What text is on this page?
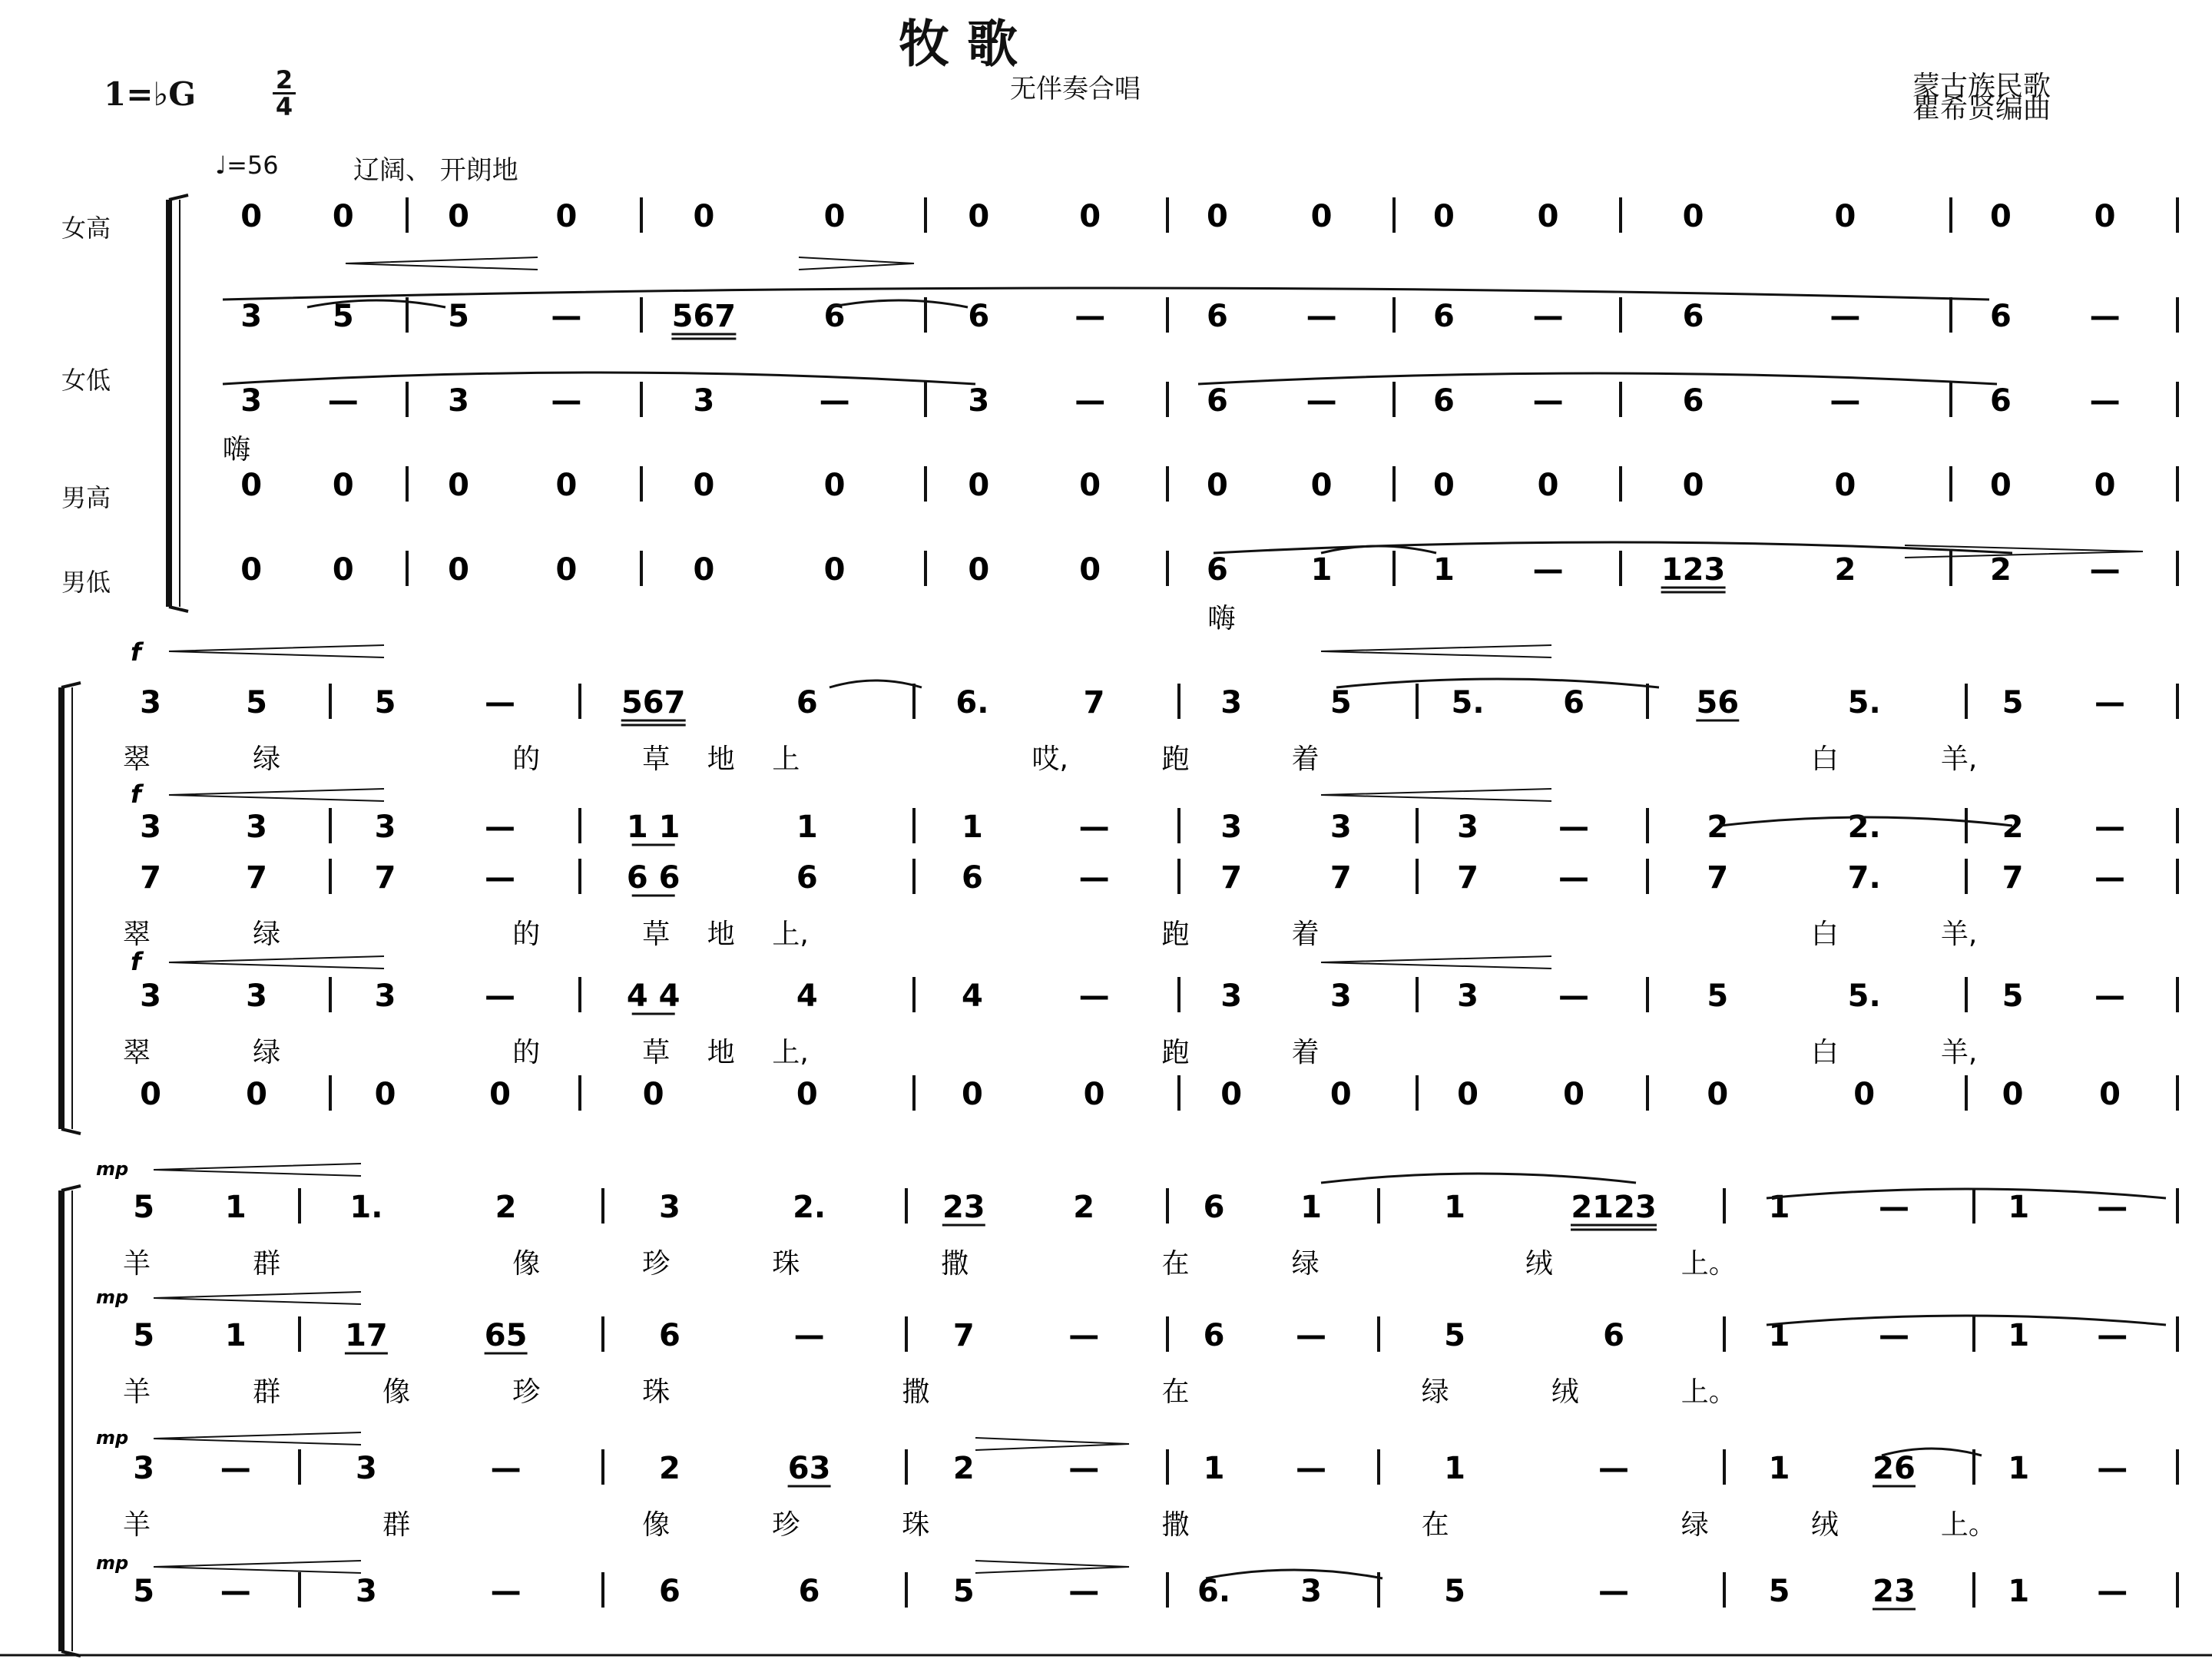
牧 歌
无伴奏合唱
1=♭G	2
4
蒙古族民歌
瞿希贤编曲
♩=56	辽阔、 开朗地
女高
女低
男高
男低
0 0	0	0	0	0	0	0	0	0	0	0	0	0	0	0
3 5	5	—	567	6	6	—	6	—	6	—	6	—	6	—
3 —	3	—	3	—	3	—	6	—	6	—	6	—	6	—
嗨
0 0	0	0	0	0	0	0	0	0	0	0	0	0	0	0
0 0	0	0	0	0	0	0	6	1	1	—	123	2	2	—
嗨
3	5	5	—	567	6	6.	7	3	5	5.	6	56	5.	5 —
翠	绿	的	草 地 上	哎,	跑	着	白	羊,
3	3	3	—	1 1	1	1	—	3	3	3	—	2	2.	2 —
7	7	7	—	6 6	6	6	—	7	7	7	—	7	7.	7 —
翠	绿	的	草 地 上,	跑	着	白	羊,
3	3	3	—	4 4	4	4	—	3	3	3	—	5	5.	5 —
翠	绿	的	草 地 上,	跑	着	白	羊,
0	0	0	0	0	0	0	0	0	0	0	0	0	0	0 0
5 1	1.	2	3	2.	23	2	6 1	1	2123	1	—	1 —
羊	群	像	珍	珠	撒	在	绿	绒	上。
5 1	17	65	6	—	7	—	6 —	5	6	1	—	1 —
羊	群	像	珍	珠	撒	在	绿	绒	上。
3 —	3	—	2	63	2	—	1 —	1	—	1	26	1 —
羊	群	像	珍	珠	撒	在	绿	绒	上。
5 —	3	—	6	6	5	—	6. 3	5	—	5	23	1 —
f
f
f
mp
mp
mp
mp
